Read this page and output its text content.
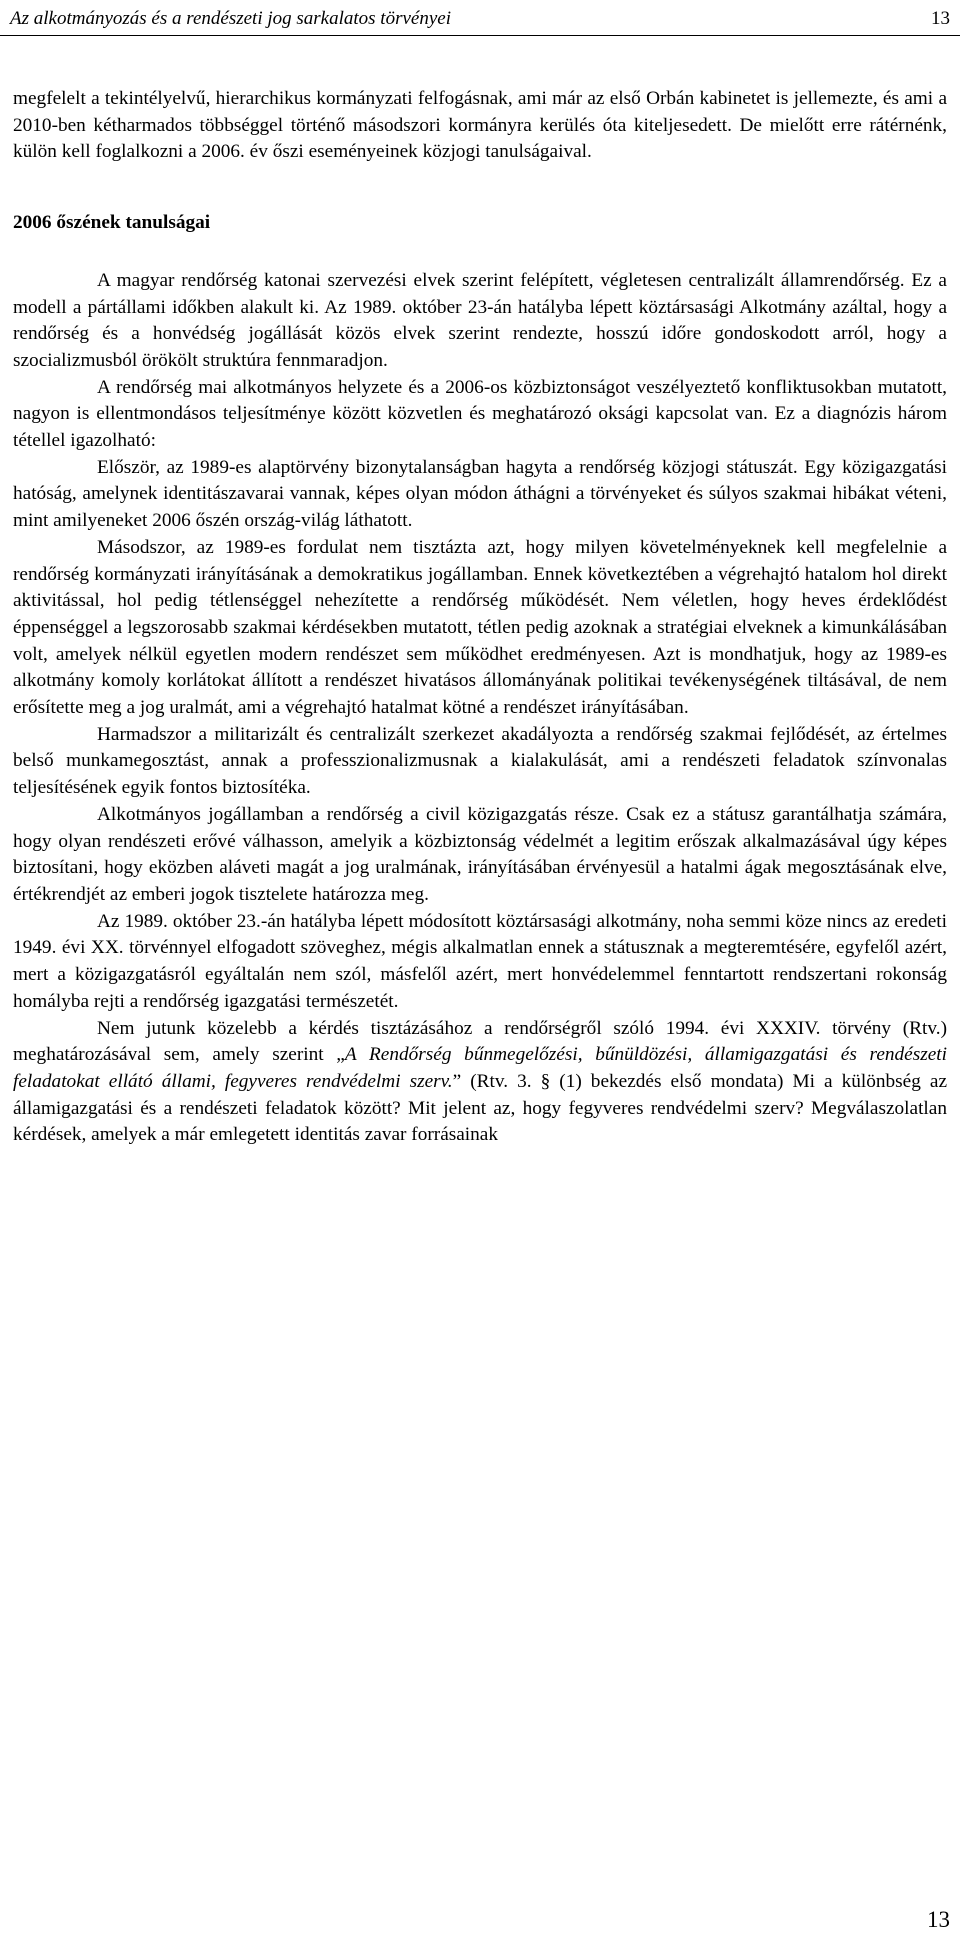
Az alkotmányozás és a rendészeti jog sarkalatos törvényei	13

megfelelt a tekintélyelvű, hierarchikus kormányzati felfogásnak, ami már az első Orbán kabinetet is jellemezte, és ami a 2010-ben kétharmados többséggel történő másodszori kormányra kerülés óta kiteljesedett. De mielőtt erre rátérnénk, külön kell foglalkozni a 2006. év őszi eseményeinek közjogi tanulságaival.

2006 őszének tanulságai

A magyar rendőrség katonai szervezési elvek szerint felépített, végletesen centralizált államrendőrség. Ez a modell a pártállami időkben alakult ki. Az 1989. október 23-án hatályba lépett köztársasági Alkotmány azáltal, hogy a rendőrség és a honvédség jogállását közös elvek szerint rendezte, hosszú időre gondoskodott arról, hogy a szocializmusból örökölt struktúra fennmaradjon.

A rendőrség mai alkotmányos helyzete és a 2006-os közbiztonságot veszélyeztető konfliktusokban mutatott, nagyon is ellentmondásos teljesítménye között közvetlen és meghatározó oksági kapcsolat van. Ez a diagnózis három tétellel igazolható:

Először, az 1989-es alaptörvény bizonytalanságban hagyta a rendőrség közjogi státuszát. Egy közigazgatási hatóság, amelynek identitászavarai vannak, képes olyan módon áthágni a törvényeket és súlyos szakmai hibákat véteni, mint amilyeneket 2006 őszén ország-világ láthatott.

Másodszor, az 1989-es fordulat nem tisztázta azt, hogy milyen követelményeknek kell megfelelnie a rendőrség kormányzati irányításának a demokratikus jogállamban. Ennek következtében a végrehajtó hatalom hol direkt aktivitással, hol pedig tétlenséggel nehezítette a rendőrség működését. Nem véletlen, hogy heves érdeklődést éppenséggel a legszorosabb szakmai kérdésekben mutatott, tétlen pedig azoknak a stratégiai elveknek a kimunkálásában volt, amelyek nélkül egyetlen modern rendészet sem működhet eredményesen. Azt is mondhatjuk, hogy az 1989-es alkotmány komoly korlátokat állított a rendészet hivatásos állományának politikai tevékenységének tiltásával, de nem erősítette meg a jog uralmát, ami a végrehajtó hatalmat kötné a rendészet irányításában.

Harmadszor a militarizált és centralizált szerkezet akadályozta a rendőrség szakmai fejlődését, az értelmes belső munkamegosztást, annak a professzionalizmusnak a kialakulását, ami a rendészeti feladatok színvonalas teljesítésének egyik fontos biztosítéka.

Alkotmányos jogállamban a rendőrség a civil közigazgatás része. Csak ez a státusz garantálhatja számára, hogy olyan rendészeti erővé válhasson, amelyik a közbiztonság védelmét a legitim erőszak alkalmazásával úgy képes biztosítani, hogy eközben aláveti magát a jog uralmának, irányításában érvényesül a hatalmi ágak megosztásának elve, értékrendjét az emberi jogok tisztelete határozza meg.

Az 1989. október 23.-án hatályba lépett módosított köztársasági alkotmány, noha semmi köze nincs az eredeti 1949. évi XX. törvénnyel elfogadott szöveghez, mégis alkalmatlan ennek a státusznak a megteremtésére, egyfelől azért, mert a közigazgatásról egyáltalán nem szól, másfelől azért, mert honvédelemmel fenntartott rendszertani rokonság homályba rejti a rendőrség igazgatási természetét.

Nem jutunk közelebb a kérdés tisztázásához a rendőrségről szóló 1994. évi XXXIV. törvény (Rtv.) meghatározásával sem, amely szerint „A Rendőrség bűnmegelőzési, bűnüldözési, államigazgatási és rendészeti feladatokat ellátó állami, fegyveres rendvédelmi szerv.” (Rtv. 3. § (1) bekezdés első mondata) Mi a különbség az államigazgatási és a rendészeti feladatok között? Mit jelent az, hogy fegyveres rendvédelmi szerv? Megválaszolatlan kérdések, amelyek a már emlegetett identitás zavar forrásainak

13
